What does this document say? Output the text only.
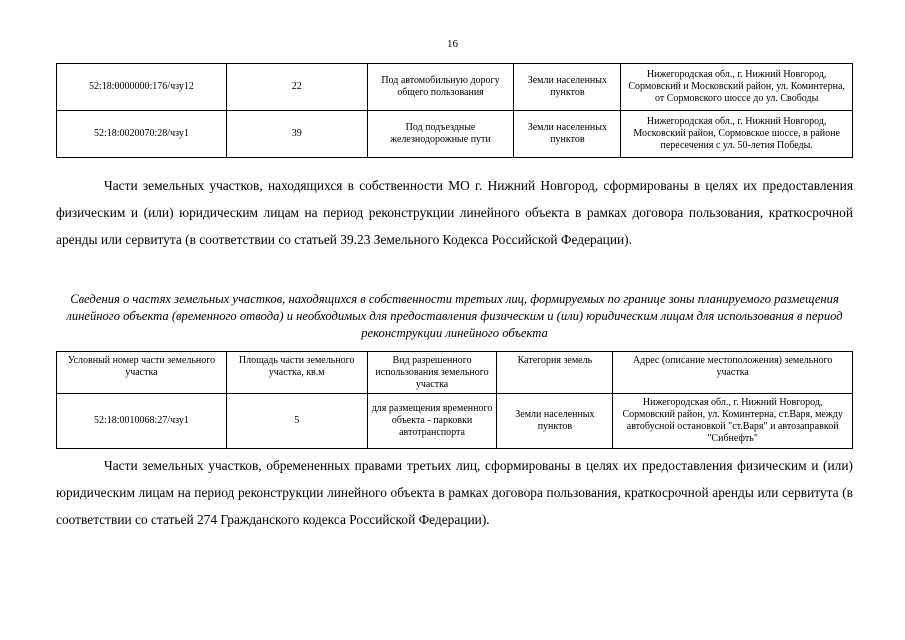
16
52:18:0000000:176/чзу12	22	Под автомобильную дорогу общего пользования	Земли населенных пунктов	Нижегородская обл., г. Нижний Новгород, Сормовский и Московский район, ул. Коминтерна, от Сормовского шоссе до ул. Свободы
52:18:0020070:28/чзу1	39	Под подъездные железнодорожные пути	Земли населенных пунктов	Нижегородская обл., г. Нижний Новгород, Московский район, Сормовское шоссе, в районе пересечения с ул. 50-летия Победы.

Части земельных участков, находящихся в собственности МО г. Нижний Новгород, сформированы в целях их предоставления физическим и (или) юридическим лицам на период реконструкции линейного объекта в рамках договора пользования, краткосрочной аренды или сервитута (в соответствии со статьей 39.23 Земельного Кодекса Российской Федерации).

Сведения о частях земельных участков, находящихся в собственности третьих лиц, формируемых по границе зоны планируемого размещения линейного объекта (временного отвода) и необходимых для предоставления физическим и (или) юридическим лицам для использования в период реконструкции линейного объекта

Условный номер части земельного участка	Площадь части земельного участка, кв.м	Вид разрешенного использования земельного участка	Категория земель	Адрес (описание местоположения) земельного участка
52:18:0010068:27/чзу1	5	для размещения временного объекта - парковки автотранспорта	Земли населенных пунктов	Нижегородская обл., г. Нижний Новгород, Сормовский район, ул. Коминтерна, ст.Варя, между автобусной остановкой "ст.Варя" и автозаправкой "Сибнефть"

Части земельных участков, обремененных правами третьих лиц, сформированы в целях их предоставления физическим и (или) юридическим лицам на период реконструкции линейного объекта в рамках договора пользования, краткосрочной аренды или сервитута (в соответствии со статьей 274 Гражданского кодекса Российской Федерации).
